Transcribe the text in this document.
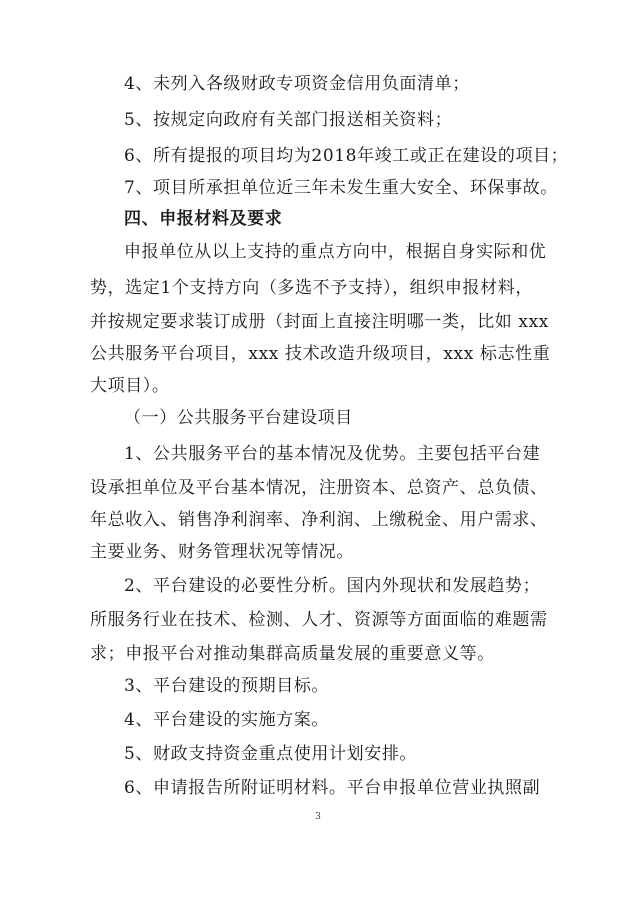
4、未列入各级财政专项资金信用负面清单；
5、按规定向政府有关部门报送相关资料；
6、所有提报的项目均为2018年竣工或正在建设的项目；
7、项目所承担单位近三年未发生重大安全、环保事故。
四、申报材料及要求
申报单位从以上支持的重点方向中，根据自身实际和优
势，选定1个支持方向（多选不予支持），组织申报材料，
并按规定要求装订成册（封面上直接注明哪一类，比如 xxx
公共服务平台项目，xxx 技术改造升级项目，xxx 标志性重
大项目）。
（一）公共服务平台建设项目
1、公共服务平台的基本情况及优势。主要包括平台建
设承担单位及平台基本情况，注册资本、总资产、总负债、
年总收入、销售净利润率、净利润、上缴税金、用户需求、
主要业务、财务管理状况等情况。
2、平台建设的必要性分析。国内外现状和发展趋势；
所服务行业在技术、检测、人才、资源等方面面临的难题需
求；申报平台对推动集群高质量发展的重要意义等。
3、平台建设的预期目标。
4、平台建设的实施方案。
5、财政支持资金重点使用计划安排。
6、申请报告所附证明材料。平台申报单位营业执照副
3
